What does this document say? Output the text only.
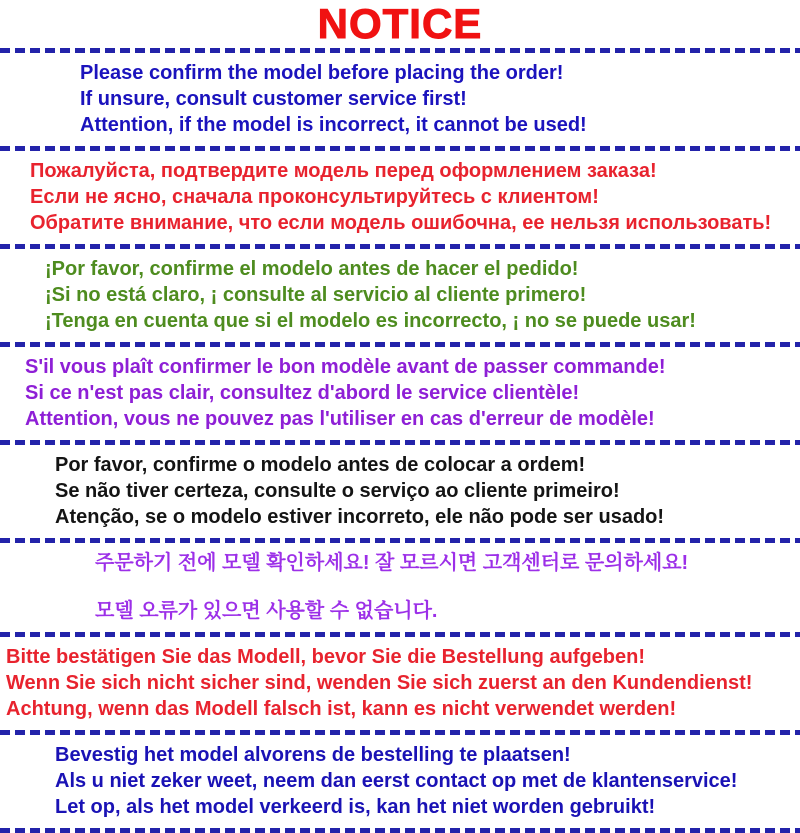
NOTICE
Please confirm the model before placing the order!
If unsure, consult customer service first!
Attention, if the model is incorrect, it cannot be used!
Пожалуйста, подтвердите модель перед оформлением заказа!
Если не ясно, сначала проконсультируйтесь с клиентом!
Обратите внимание, что если модель ошибочна, ее нельзя использовать!
¡Por favor, confirme el modelo antes de hacer el pedido!
¡Si no está claro, ¡ consulte al servicio al cliente primero!
¡Tenga en cuenta que si el modelo es incorrecto, ¡ no se puede usar!
S'il vous plaît confirmer le bon modèle avant de passer commande!
Si ce n'est pas clair, consultez d'abord le service clientèle!
Attention, vous ne pouvez pas l'utiliser en cas d'erreur de modèle!
Por favor, confirme o modelo antes de colocar a ordem!
Se não tiver certeza, consulte o serviço ao cliente primeiro!
Atenção, se o modelo estiver incorreto, ele não pode ser usado!
주문하기 전에 모델 확인하세요! 잘 모르시면 고객센터로 문의하세요!
모델 오류가 있으면 사용할 수 없습니다.
Bitte bestätigen Sie das Modell, bevor Sie die Bestellung aufgeben!
Wenn Sie sich nicht sicher sind, wenden Sie sich zuerst an den Kundendienst!
Achtung, wenn das Modell falsch ist, kann es nicht verwendet werden!
Bevestig het model alvorens de bestelling te plaatsen!
Als u niet zeker weet, neem dan eerst contact op met de klantenservice!
Let op, als het model verkeerd is, kan het niet worden gebruikt!
